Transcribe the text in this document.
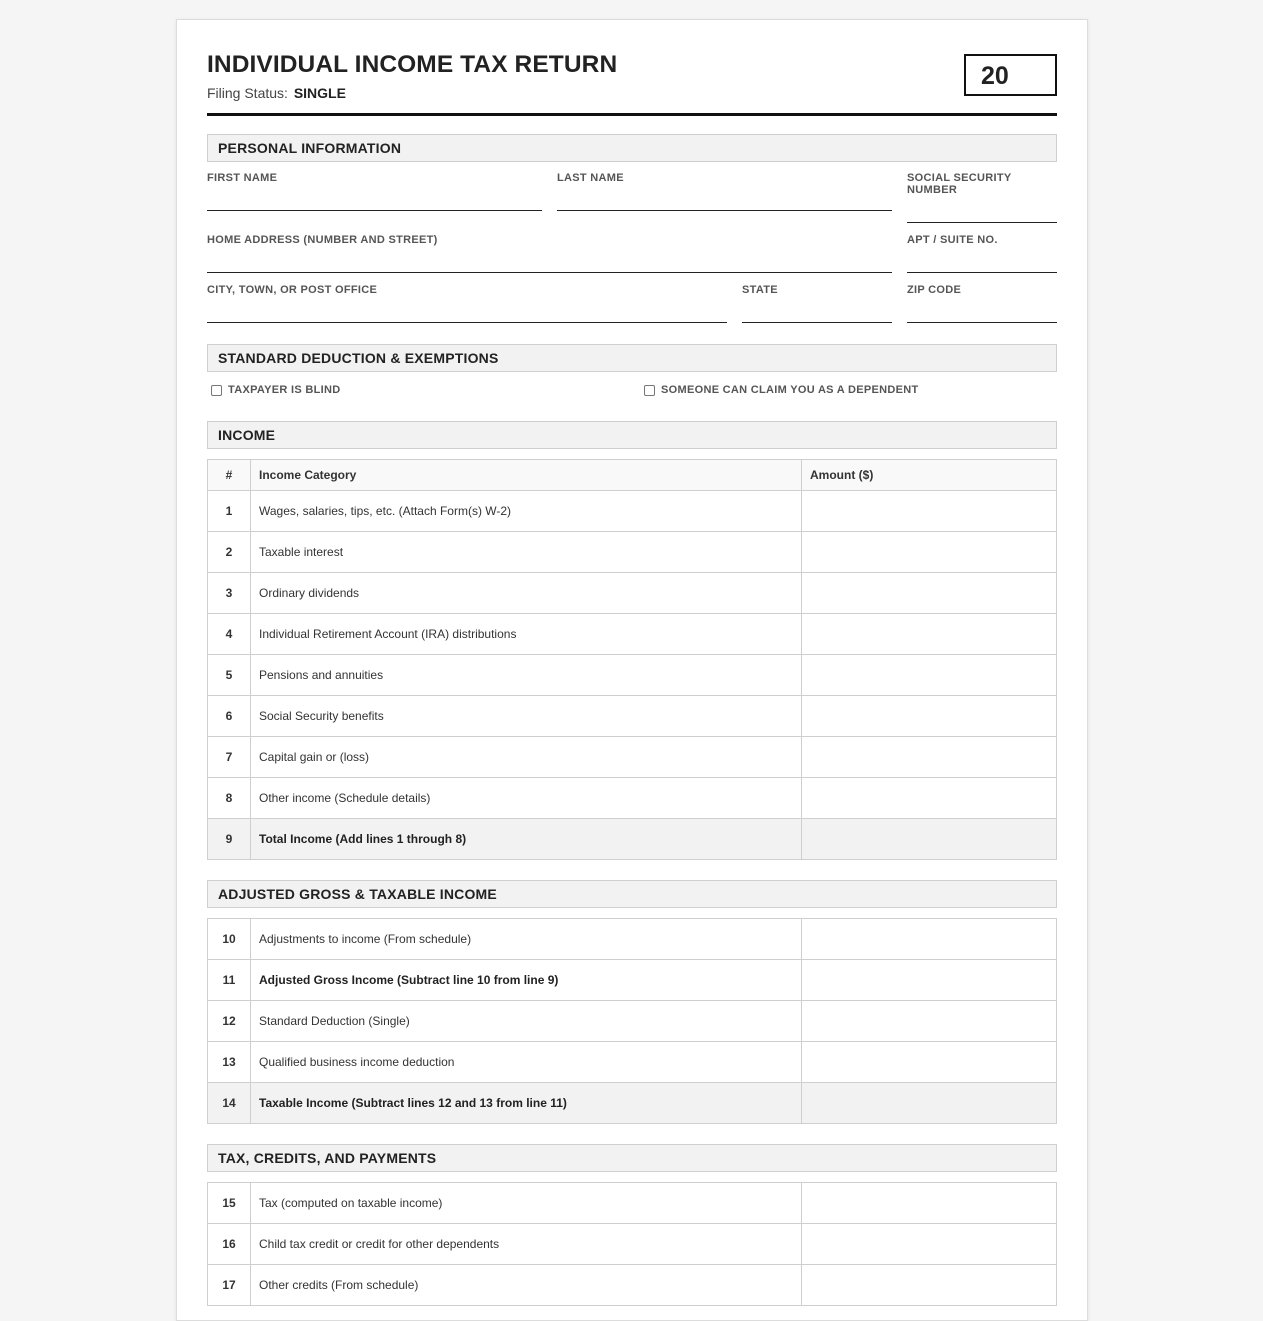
INDIVIDUAL INCOME TAX RETURN
Filing Status: SINGLE
20
PERSONAL INFORMATION
FIRST NAME	LAST NAME	SOCIAL SECURITY NUMBER
HOME ADDRESS (NUMBER AND STREET)	APT / SUITE NO.
CITY, TOWN, OR POST OFFICE	STATE	ZIP CODE
STANDARD DEDUCTION & EXEMPTIONS
TAXPAYER IS BLIND	SOMEONE CAN CLAIM YOU AS A DEPENDENT
INCOME
#	Income Category	Amount ($)
1	Wages, salaries, tips, etc. (Attach Form(s) W-2)	
2	Taxable interest	
3	Ordinary dividends	
4	Individual Retirement Account (IRA) distributions	
5	Pensions and annuities	
6	Social Security benefits	
7	Capital gain or (loss)	
8	Other income (Schedule details)	
9	Total Income (Add lines 1 through 8)	
ADJUSTED GROSS & TAXABLE INCOME
10	Adjustments to income (From schedule)	
11	Adjusted Gross Income (Subtract line 10 from line 9)	
12	Standard Deduction (Single)	
13	Qualified business income deduction	
14	Taxable Income (Subtract lines 12 and 13 from line 11)	
TAX, CREDITS, AND PAYMENTS
15	Tax (computed on taxable income)	
16	Child tax credit or credit for other dependents	
17	Other credits (From schedule)	
